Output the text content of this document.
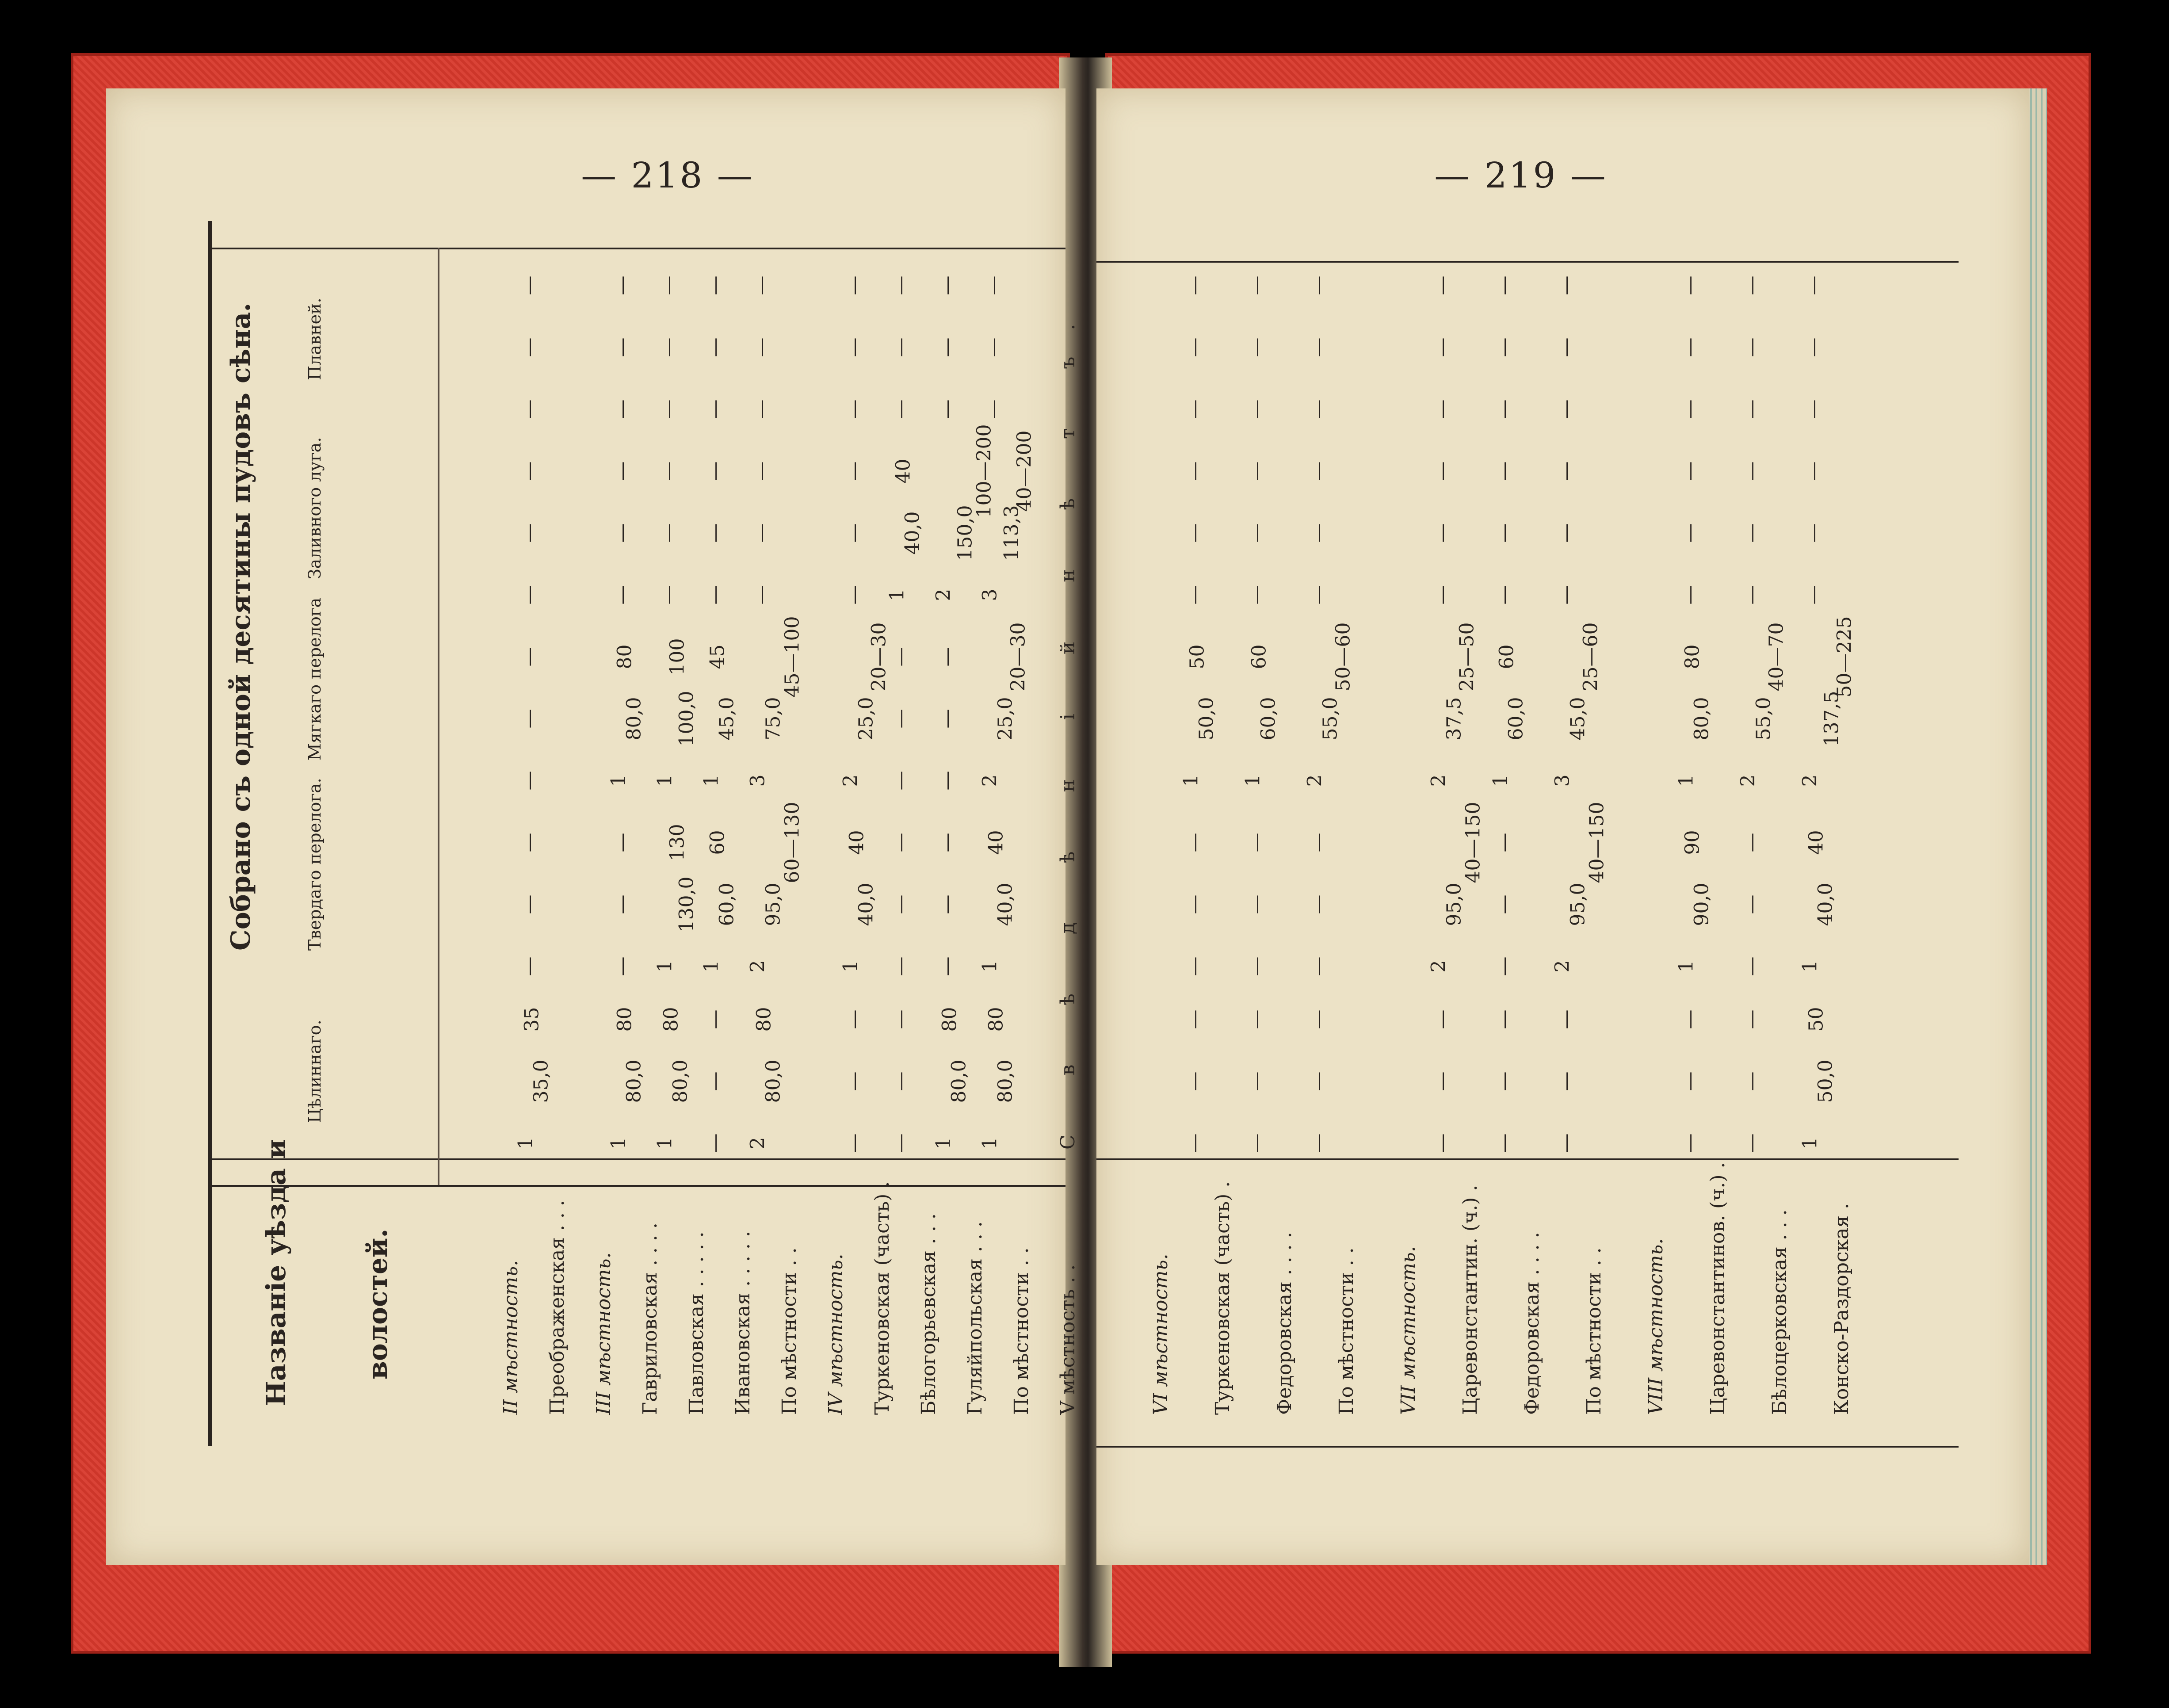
— 218 —	— 219 —
Собрано съ одной десятины пудовъ сѣна.
Названіе уѣзда и	волостей.
Цѣлиннаго.
Твердаго перелога.
Мягкаго перелога
Заливного луга.
Плавней.
II мѣстность. Преображенская . . .
1
35,0
35
—
—
—
—
—
—
—
—
—
—
—
—
III мѣстность. Гавриловская . . . .
1
80,0
80
—
—
—
1
80,0
80
—
—
—
—
—
—
Павловская . . . . .
1
80,0
80
1
130,0
130
1
100,0
100
—
—
—
—
—
—
Ивановская . . . . .
—
—
—
1
60,0
60
1
45,0
45
—
—
—
—
—
—
По мѣстности . .
2
80,0
80
2
95,0
60—130
3
75,0
45—100
—
—
—
—
—
—
IV мѣстность. Туркеновская (часть) .
—
—
—
1
40,0
40
2
25,0
20—30
—
—
—
—
—
—
Бѣлогорьевская . . .
—
—
—
—
—
—
—
—
—
1
40,0
40
—
—
—
Гуляйпольская . . .
1
80,0
80
—
—
—
—
—
—
2
150,0
100—200
—
—
—
По мѣстности . .
1
80,0
80
1
40,0
40
2
25,0
20—30
3
113,3
40—200
—
—
—
V мѣстность . .
С в ѣ д ѣ н і й н ѣ т ъ.
VI мѣстность. Туркеновская (часть) .
—
—
—
—
—
—
1
50,0
50
—
—
—
—
—
—
Федоровская . . . .
—
—
—
—
—
—
1
60,0
60
—
—
—
—
—
—
По мѣстности . .
—
—
—
—
—
—
2
55,0
50—60
—
—
—
—
—
—
VII мѣстность. Царевонстантин. (ч.) .
—
—
—
2
95,0
40—150
2
37,5
25—50
—
—
—
—
—
—
Федоровская . . . .
—
—
—
—
—
—
1
60,0
60
—
—
—
—
—
—
По мѣстности . .
—
—
—
2
95,0
40—150
3
45,0
25—60
—
—
—
—
—
—
VIII мѣстность. Царевонстантинов. (ч.) .
—
—
—
1
90,0
90
1
80,0
80
—
—
—
—
—
—
Бѣлоцерковская . . .
—
—
—
—
—
—
2
55,0
40—70
—
—
—
—
—
—
Конско-Раздорская .
1
50,0
50
1
40,0
40
2
137,5
50—225
—
—
—
—
—
—
